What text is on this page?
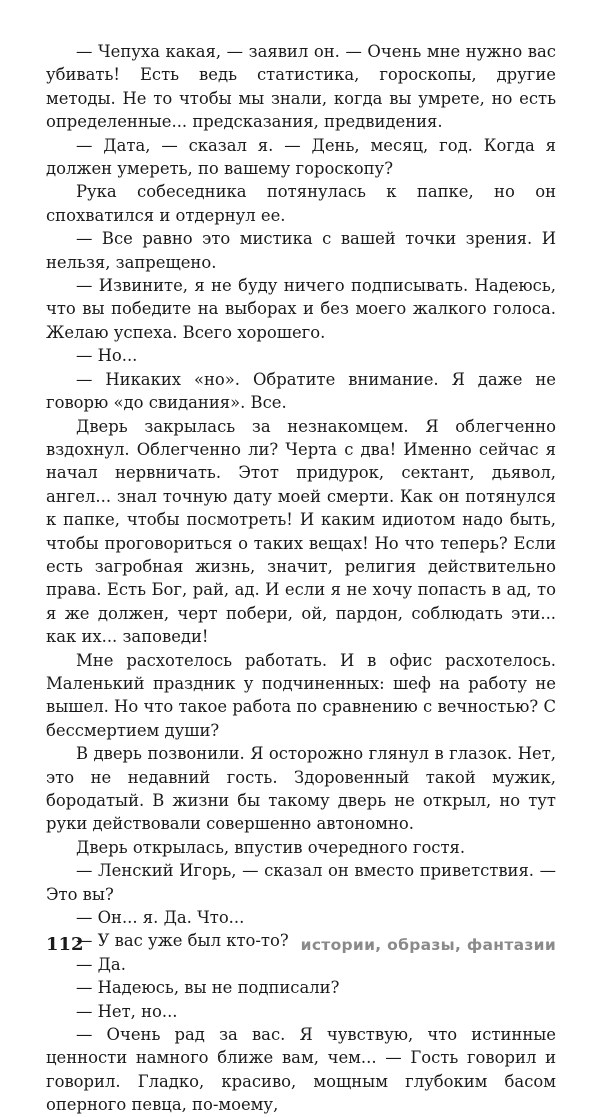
— Чепуха какая, — заявил он. — Очень мне нужно вас убивать! Есть ведь статистика, гороскопы, другие методы. Не то чтобы мы знали, когда вы умрете, но есть определенные... предсказания, предвидения.

— Дата, — сказал я. — День, месяц, год. Когда я должен умереть, по вашему гороскопу?

Рука собеседника потянулась к папке, но он спохватился и отдернул ее.

— Все равно это мистика с вашей точки зрения. И нельзя, запрещено.

— Извините, я не буду ничего подписывать. Надеюсь, что вы победите на выборах и без моего жалкого голоса. Желаю успеха. Всего хорошего.

— Но...

— Никаких «но». Обратите внимание. Я даже не говорю «до свидания». Все.

Дверь закрылась за незнакомцем. Я облегченно вздохнул. Облегченно ли? Черта с два! Именно сейчас я начал нервничать. Этот придурок, сектант, дьявол, ангел... знал точную дату моей смерти. Как он потянулся к папке, чтобы посмотреть! И каким идиотом надо быть, чтобы проговориться о таких вещах! Но что теперь? Если есть загробная жизнь, значит, религия действительно права. Есть Бог, рай, ад. И если я не хочу попасть в ад, то я же должен, черт побери, ой, пардон, соблюдать эти... как их... заповеди!

Мне расхотелось работать. И в офис расхотелось. Маленький праздник у подчиненных: шеф на работу не вышел. Но что такое работа по сравнению с вечностью? С бессмертием души?

В дверь позвонили. Я осторожно глянул в глазок. Нет, это не недавний гость. Здоровенный такой мужик, бородатый. В жизни бы такому дверь не открыл, но тут руки действовали совершенно автономно.

Дверь открылась, впустив очередного гостя.

— Ленский Игорь, — сказал он вместо приветствия. — Это вы?

— Он... я. Да. Что...

— У вас уже был кто-то?

— Да.

— Надеюсь, вы не подписали?

— Нет, но...

— Очень рад за вас. Я чувствую, что истинные ценности намного ближе вам, чем... — Гость говорил и говорил. Гладко, красиво, мощным глубоким басом оперного певца, по-моему,

112	истории, образы, фантазии
